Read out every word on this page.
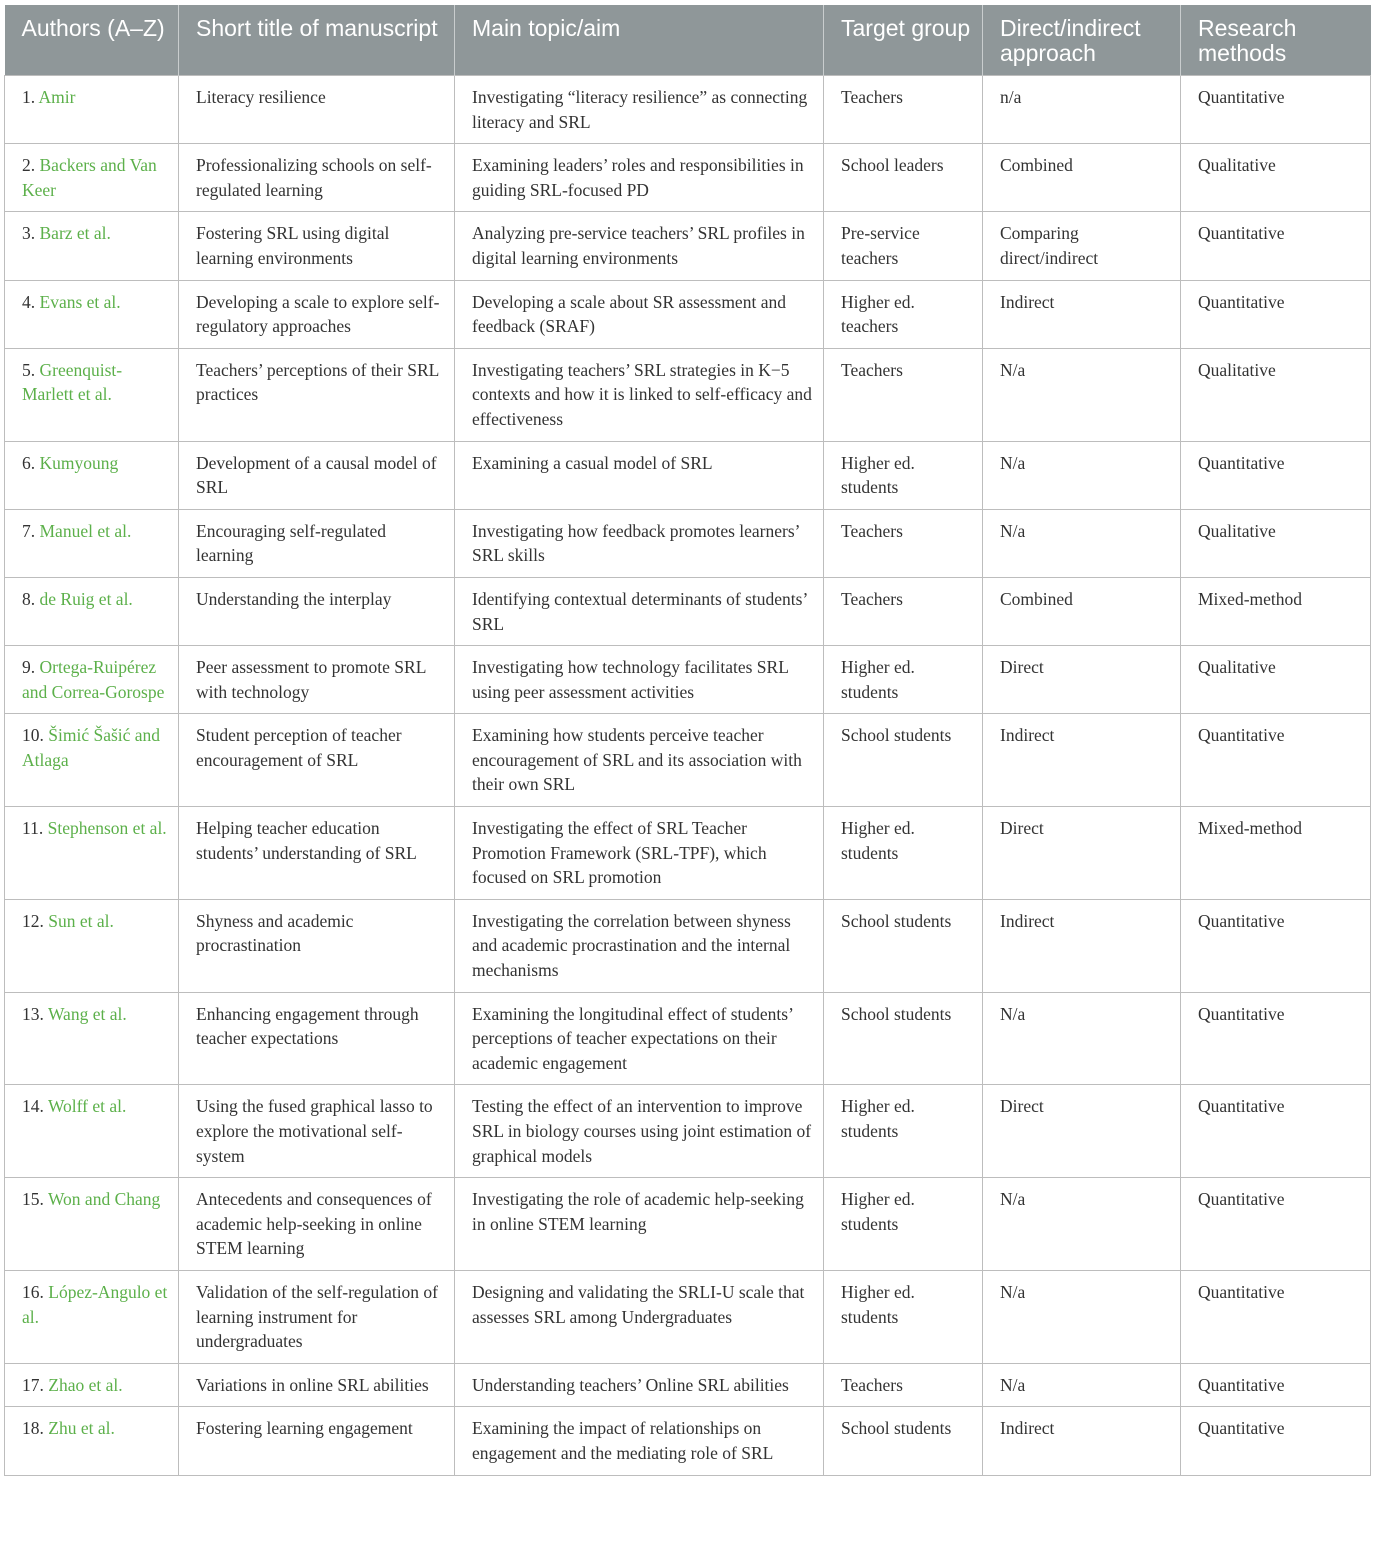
Authors (A–Z)	Short title of manuscript	Main topic/aim	Target group	Direct/indirect approach	Research methods
1. Amir	Literacy resilience	Investigating “literacy resilience” as connecting literacy and SRL	Teachers	n/a	Quantitative
2. Backers and Van Keer	Professionalizing schools on self-regulated learning	Examining leaders’ roles and responsibilities in guiding SRL-focused PD	School leaders	Combined	Qualitative
3. Barz et al.	Fostering SRL using digital learning environments	Analyzing pre-service teachers’ SRL profiles in digital learning environments	Pre-service teachers	Comparing direct/indirect	Quantitative
4. Evans et al.	Developing a scale to explore self-regulatory approaches	Developing a scale about SR assessment and feedback (SRAF)	Higher ed. teachers	Indirect	Quantitative
5. Greenquist-Marlett et al.	Teachers’ perceptions of their SRL practices	Investigating teachers’ SRL strategies in K−5 contexts and how it is linked to self-efficacy and effectiveness	Teachers	N/a	Qualitative
6. Kumyoung	Development of a causal model of SRL	Examining a casual model of SRL	Higher ed. students	N/a	Quantitative
7. Manuel et al.	Encouraging self-regulated learning	Investigating how feedback promotes learners’ SRL skills	Teachers	N/a	Qualitative
8. de Ruig et al.	Understanding the interplay	Identifying contextual determinants of students’ SRL	Teachers	Combined	Mixed-method
9. Ortega-Ruipérez and Correa-Gorospe	Peer assessment to promote SRL with technology	Investigating how technology facilitates SRL using peer assessment activities	Higher ed. students	Direct	Qualitative
10. Šimić Šašić and Atlaga	Student perception of teacher encouragement of SRL	Examining how students perceive teacher encouragement of SRL and its association with their own SRL	School students	Indirect	Quantitative
11. Stephenson et al.	Helping teacher education students’ understanding of SRL	Investigating the effect of SRL Teacher Promotion Framework (SRL-TPF), which focused on SRL promotion	Higher ed. students	Direct	Mixed-method
12. Sun et al.	Shyness and academic procrastination	Investigating the correlation between shyness and academic procrastination and the internal mechanisms	School students	Indirect	Quantitative
13. Wang et al.	Enhancing engagement through teacher expectations	Examining the longitudinal effect of students’ perceptions of teacher expectations on their academic engagement	School students	N/a	Quantitative
14. Wolff et al.	Using the fused graphical lasso to explore the motivational self-system	Testing the effect of an intervention to improve SRL in biology courses using joint estimation of graphical models	Higher ed. students	Direct	Quantitative
15. Won and Chang	Antecedents and consequences of academic help-seeking in online STEM learning	Investigating the role of academic help-seeking in online STEM learning	Higher ed. students	N/a	Quantitative
16. López-Angulo et al.	Validation of the self-regulation of learning instrument for undergraduates	Designing and validating the SRLI-U scale that assesses SRL among Undergraduates	Higher ed. students	N/a	Quantitative
17. Zhao et al.	Variations in online SRL abilities	Understanding teachers’ Online SRL abilities	Teachers	N/a	Quantitative
18. Zhu et al.	Fostering learning engagement	Examining the impact of relationships on engagement and the mediating role of SRL	School students	Indirect	Quantitative
